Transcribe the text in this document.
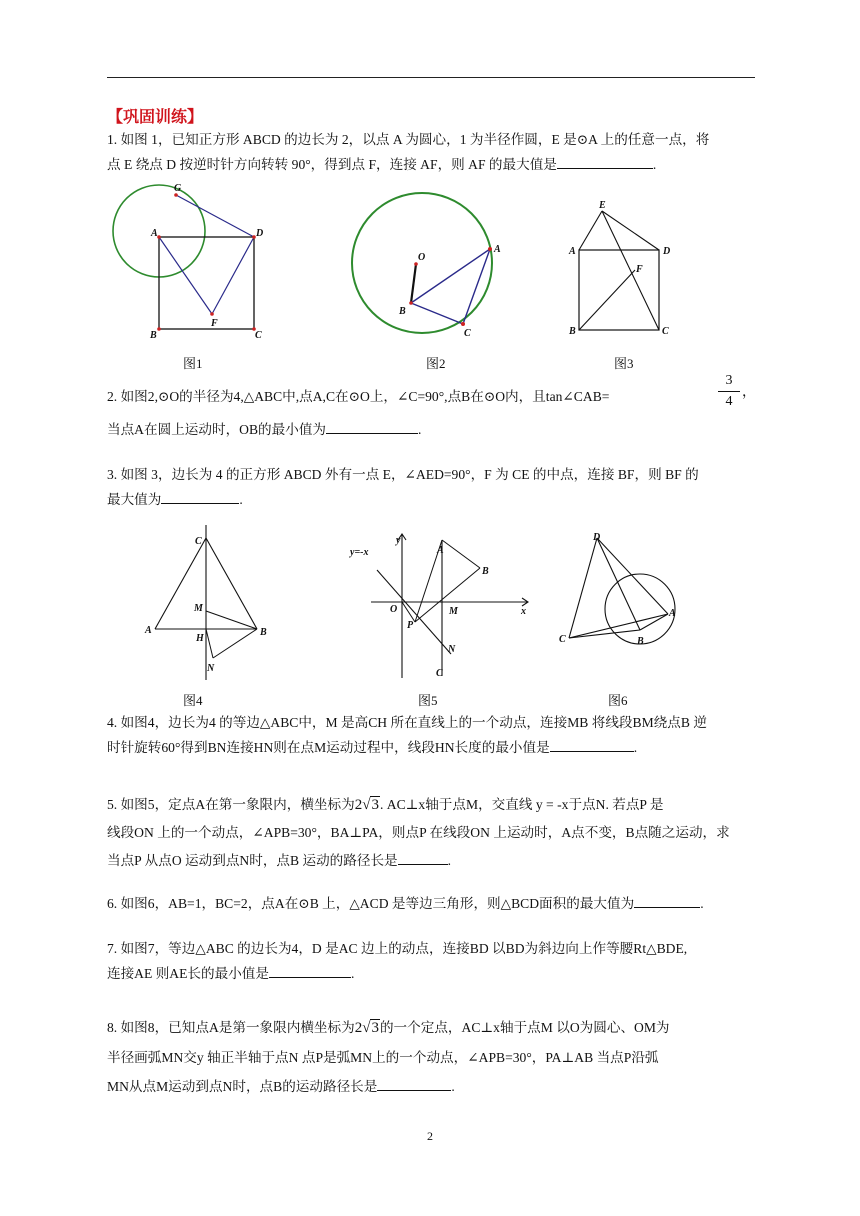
【巩固训练】
1. 如图 1，已知正方形 ABCD 的边长为 2，以点 A 为圆心，1 为半径作圆，E 是⊙A 上的任意一点，将
点 E 绕点 D 按逆时针方向转转 90°，得到点 F，连接 AF，则 AF 的最大值是	.
G
A	D
F
B	C
O
A
B
C
E
A	D
F
B	C
图1	图2	图3
2. 如图2,⊙O的半径为4,△ABC中,点A,C在⊙O上，∠C=90°,点B在⊙O内，且tan∠CAB=
当点A在圆上运动时，OB的最小值为	.
$\frac{3}{4}$ ，
3. 如图 3，边长为 4 的正方形 ABCD 外有一点 E，∠AED=90°，F 为 CE 的中点，连接 BF，则 BF 的
最大值为	.
C
M
A
H
B
N
y=-x
y
A
B
O	M
P
x
N
C
D
A
C	B
图4	图5	图6
4. 如图4，边长为4 的等边△ABC中，M 是高CH 所在直线上的一个动点，连接MB 将线段BM绕点B 逆
时针旋转60°得到BN连接HN则在点M运动过程中，线段HN长度的最小值是	.
5. 如图5，定点A在第一象限内，横坐标为2√3. AC⊥x轴于点M，交直线 y = -x于点N. 若点P 是
线段ON 上的一个动点，∠APB=30°，BA⊥PA，则点P 在线段ON 上运动时，A点不变，B点随之运动，求
当点P 从点O 运动到点N时，点B 运动的路径长是	.
6. 如图6，AB=1，BC=2，点A在⊙B 上，△ACD 是等边三角形，则△BCD面积的最大值为	.
7. 如图7，等边△ABC 的边长为4，D 是AC 边上的动点，连接BD 以BD为斜边向上作等腰Rt△BDE,
连接AE 则AE长的最小值是	.
8. 如图8，已知点A是第一象限内横坐标为2√3的一个定点，AC⊥x轴于点M 以O为圆心、OM为
半径画弧MN交y 轴正半轴于点N 点P是弧MN上的一个动点，∠APB=30°，PA⊥AB 当点P沿弧
MN从点M运动到点N时，点B的运动路径长是	.
2
